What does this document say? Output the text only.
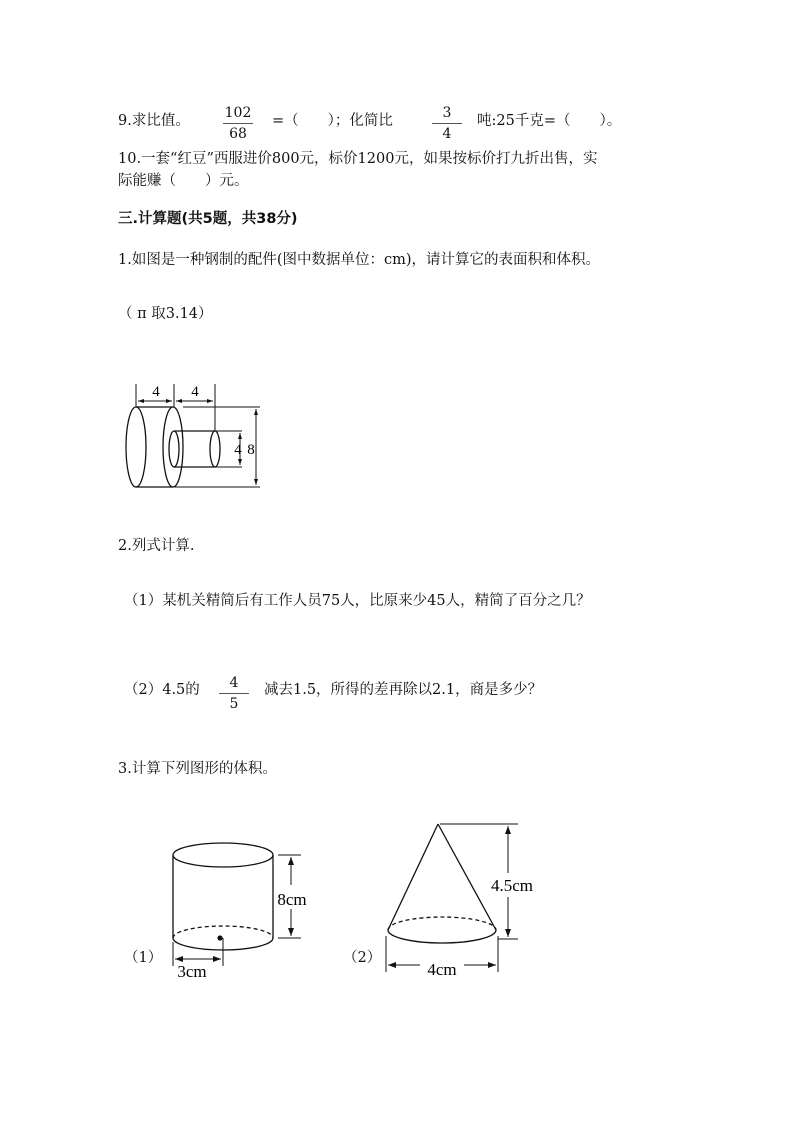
9.求比值。 102
68
=（　　）；化简比	3
4
吨:25千克=（　　）。
10.一套“红豆”西服进价800元，标价1200元，如果按标价打九折出售，实
际能赚（　　）元。
三.计算题(共5题，共38分)
1.如图是一种钢制的配件(图中数据单位：cm)，请计算它的表面积和体积。
（ π 取3.14）
4 4
4 8
2.列式计算.
（1）某机关精简后有工作人员75人，比原来少45人，精简了百分之几？
（2）4.5的	4
5
减去1.5，所得的差再除以2.1，商是多少？
3.计算下列图形的体积。
（1）
8cm
3cm
（2）
4.5cm
4cm
